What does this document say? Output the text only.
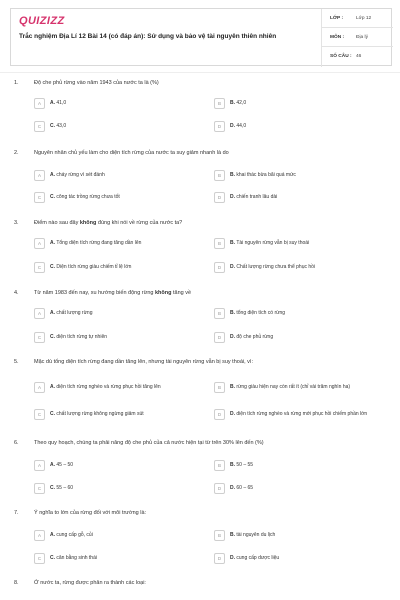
QUIZIZZ
Trắc nghiệm Địa Lí 12 Bài 14 (có đáp án): Sử dụng và bảo vệ tài nguyên thiên nhiên
LỚP :	Lớp 12
MÔN :	Địa lý
SỐ CÂU : 46
1.	Độ che phủ rừng vào năm 1943 của nước ta là (%)
A	A. 41,0	B	B. 42,0
C	C. 43,0	D	D. 44,0
2.	Nguyên nhân chủ yếu làm cho diện tích rừng của nước ta suy giảm nhanh là do
A	A. cháy rừng vì sét đánh	B	B. khai thác bừa bãi quá mức
C	C. công tác trồng rừng chưa tốt	D	D. chiến tranh lâu dài
3.	Điểm nào sau đây không đúng khi nói về rừng của nước ta?
A	A. Tổng diện tích rừng đang tăng dần lên	B	B. Tài nguyên rừng vẫn bị suy thoái
C	C. Diện tích rừng giàu chiếm tỉ lệ lớn	D	D. Chất lượng rừng chưa thể phục hồi
4.	Từ năm 1983 đến nay, xu hướng biến động rừng không tăng về
A	A. chất lượng rừng	B	B. tổng diện tích có rừng
C	C. diện tích rừng tự nhiên	D	D. độ che phủ rừng
5.	Mặc dù tổng diện tích rừng đang dần tăng lên, nhưng tài nguyên rừng vẫn bị suy thoái, vì:
A	A. diện tích rừng nghèo và rừng phục hồi tăng lên	B	B. rừng giàu hiện nay còn rất ít (chỉ vài trăm nghìn ha)
C	C. chất lượng rừng không ngừng giảm sút	D	D. diện tích rừng nghèo và rừng mới phục hồi chiếm phần lớn
6.	Theo quy hoạch, chúng ta phải nâng độ che phủ của cả nước hiện tại từ trên 30% lên đến (%)
A	A. 45 – 50	B	B. 50 – 55
C	C. 55 – 60	D	D. 60 – 65
7.	Ý nghĩa to lớn của rừng đối với môi trường là:
A	A. cung cấp gỗ, củi	B	B. tài nguyên du lịch
C	C. cân bằng sinh thái	D	D. cung cấp dược liệu
8.	Ở nước ta, rừng được phân ra thành các loại:
